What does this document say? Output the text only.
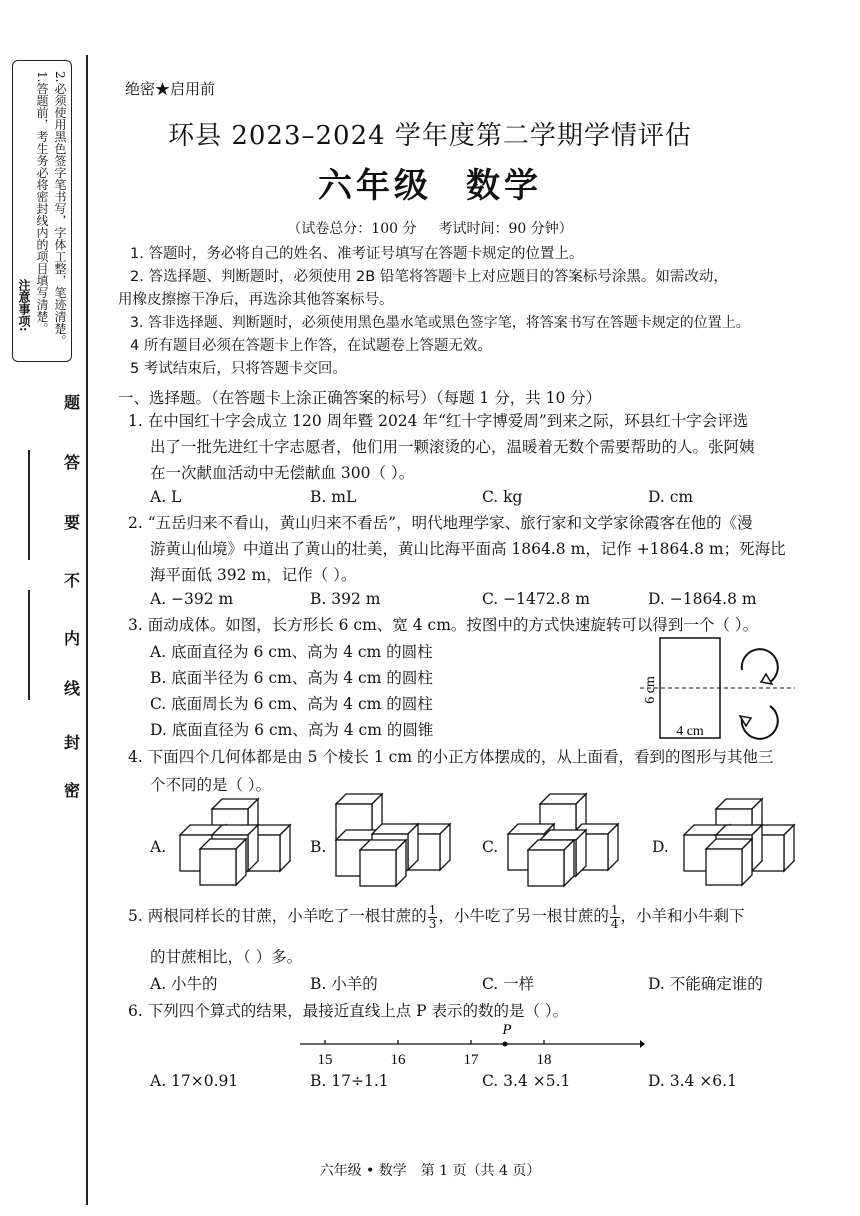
注意事项: 1.答题前，考生务必将密封线内的项目填写清楚。 2.必须使用黑色签字笔书写，字体工整，笔迹清楚。
题
答
要
不
内
线
封
密
绝密★启用前
环县 2023–2024 学年度第二学期学情评估
六年级 数学
（试卷总分：100 分 考试时间：90 分钟）
1. 答题时，务必将自己的姓名、准考证号填写在答题卡规定的位置上。
2. 答选择题、判断题时，必须使用 2B 铅笔将答题卡上对应题目的答案标号涂黑。如需改动，
用橡皮擦擦干净后，再选涂其他答案标号。
3. 答非选择题、判断题时，必须使用黑色墨水笔或黑色签字笔，将答案书写在答题卡规定的位置上。
4 所有题目必须在答题卡上作答，在试题卷上答题无效。
5 考试结束后，只将答题卡交回。
一、选择题。（在答题卡上涂正确答案的标号）（每题 1 分，共 10 分）
1. 在中国红十字会成立 120 周年暨 2024 年“红十字博爱周”到来之际，环县红十字会评选
出了一批先进红十字志愿者，他们用一颗滚烫的心，温暖着无数个需要帮助的人。张阿姨
在一次献血活动中无偿献血 300（ ）。
A. L	B. mL	C. kg	D. cm
2. “五岳归来不看山，黄山归来不看岳”，明代地理学家、旅行家和文学家徐霞客在他的《漫
游黄山仙境》中道出了黄山的壮美，黄山比海平面高 1864.8 m，记作 +1864.8 m；死海比
海平面低 392 m，记作（ ）。
A. −392 m	B. 392 m	C. −1472.8 m	D. −1864.8 m
3. 面动成体。如图，长方形长 6 cm、宽 4 cm。按图中的方式快速旋转可以得到一个（ ）。
A. 底面直径为 6 cm、高为 4 cm 的圆柱
B. 底面半径为 6 cm、高为 4 cm 的圆柱
C. 底面周长为 6 cm、高为 4 cm 的圆柱
D. 底面直径为 6 cm、高为 4 cm 的圆锥
6 cm
4 cm
4. 下面四个几何体都是由 5 个棱长 1 cm 的小正方体摆成的，从上面看，看到的图形与其他三
个不同的是（ ）。
A.	B.	C.	D.
5. 两根同样长的甘蔗，小羊吃了一根甘蔗的 $\frac{1}{3}$ ，小牛吃了另一根甘蔗的 $\frac{1}{4}$ ，小羊和小牛剩下
的甘蔗相比，（ ）多。
A. 小牛的	B. 小羊的	C. 一样	D. 不能确定谁的
6. 下列四个算式的结果，最接近直线上点 P 表示的数的是（ ）。
P
15	16	17	18
A. 17×0.91	B. 17÷1.1	C. 3.4 ×5.1	D. 3.4 ×6.1
六年级 • 数学 第 1 页（共 4 页）
